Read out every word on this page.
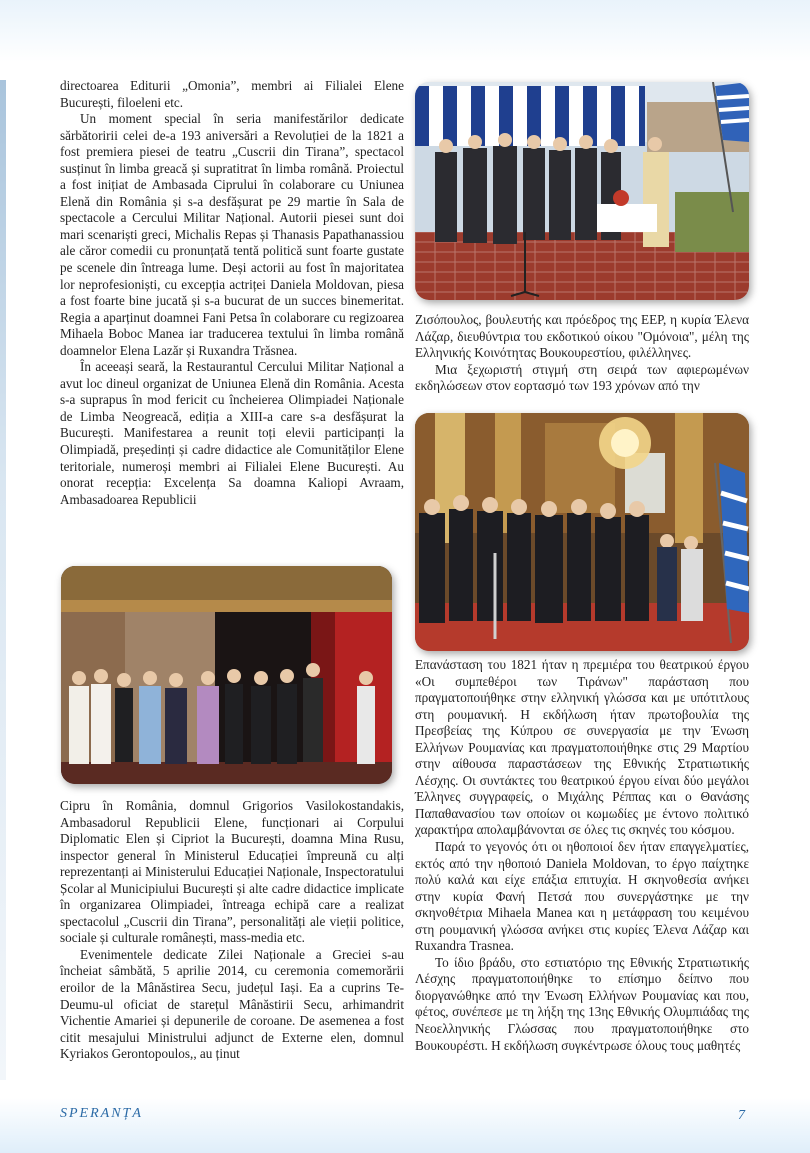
directoarea Editurii „Omonia”, membri ai Filialei Elene București, filoeleni etc.

Un moment special în seria manifestărilor dedicate sărbătoririi celei de-a 193 aniversări a Revoluției de la 1821 a fost premiera piesei de teatru „Cuscrii din Tirana”, spectacol susținut în limba greacă și supratitrat în limba română. Proiectul a fost inițiat de Ambasada Ciprului în colaborare cu Uniunea Elenă din România și s-a desfășurat pe 29 martie în Sala de spectacole a Cercului Militar Național. Autorii piesei sunt doi mari scenariști greci, Michalis Repas și Thanasis Papathanassiou ale căror comedii cu pronunțată tentă politică sunt foarte gustate pe scenele din întreaga lume. Deși actorii au fost în majoritatea lor neprofesioniști, cu excepția actriței Daniela Moldovan, piesa a fost foarte bine jucată și s-a bucurat de un succes binemeritat. Regia a aparținut doamnei Fani Petsa în colaborare cu regizoarea Mihaela Boboc Manea iar traducerea textului în limba română doamnelor Elena Lazăr și Ruxandra Trăsnea.

În aceeași seară, la Restaurantul Cercului Militar Național a avut loc dineul organizat de Uniunea Elenă din România. Acesta s-a suprapus în mod fericit cu încheierea Olimpiadei Naționale de Limba Neogreacă, ediția a XIII-a care s-a desfășurat la București. Manifestarea a reunit toți elevii participanți la Olimpiadă, președinți și cadre didactice ale Comunităților Elene teritoriale, numeroși membri ai Filialei Elene București. Au onorat recepția: Excelența Sa doamna Kaliopi Avraam, Ambasadoarea Republicii

Cipru în România, domnul Grigorios Vasilokostandakis, Ambasadorul Republicii Elene, funcționari ai Corpului Diplomatic Elen și Cipriot la București, doamna Mina Rusu, inspector general în Ministerul Educației împreună cu alți reprezentanți ai Ministerului Educației Naționale, Inspectoratului Școlar al Municipiului București și alte cadre didactice implicate în organizarea Olimpiadei, întreaga echipă care a realizat spectacolul „Cuscrii din Tirana”, personalități ale vieții politice, sociale și culturale românești, mass-media etc.

Evenimentele dedicate Zilei Naționale a Greciei s-au încheiat sâmbătă, 5 aprilie 2014, cu ceremonia comemorării eroilor de la Mânăstirea Secu, județul Iași. Ea a cuprins Te-Deumu-ul oficiat de starețul Mânăstirii Secu, arhimandrit Vichentie Amariei și depunerile de coroane. De asemenea a fost citit mesajului Ministrului adjunct de Externe elen, domnul Kyriakos Gerontopoulos,, au ținut

Ζισόπουλος, βουλευτής και πρόεδρος της ΕΕΡ, η κυρία Έλενα Λάζαρ, διευθύντρια του εκδοτικού οίκου "Ομόνοια", μέλη της Ελληνικής Κοινότητας Βουκουρεστίου, φιλέλληνες.

Μια ξεχωριστή στιγμή στη σειρά των αφιερωμένων εκδηλώσεων στον εορτασμό των 193 χρόνων από την

Επανάσταση του 1821 ήταν η πρεμιέρα του θεατρικού έργου «Οι συμπεθέροι των Τιράνων" παράσταση που πραγματοποιήθηκε στην ελληνική γλώσσα και με υπότιτλους στη ρουμανική. Η εκδήλωση ήταν πρωτοβουλία της Πρεσβείας της Κύπρου σε συνεργασία με την Ένωση Ελλήνων Ρουμανίας και πραγματοποιήθηκε στις 29 Μαρτίου στην αίθουσα παραστάσεων της Εθνικής Στρατιωτικής Λέσχης. Οι συντάκτες του θεατρικού έργου είναι δύο μεγάλοι Έλληνες συγγραφείς, ο Μιχάλης Ρέππας και ο Θανάσης Παπαθανασίου των οποίων οι κωμωδίες με έντονο πολιτικό χαρακτήρα απολαμβάνονται σε όλες τις σκηνές του κόσμου.

Παρά το γεγονός ότι οι ηθοποιοί δεν ήταν επαγγελματίες, εκτός από την ηθοποιό Daniela Moldovan, το έργο παίχτηκε πολύ καλά και είχε επάξια επιτυχία. Η σκηνοθεσία ανήκει στην κυρία Φανή Πετσά που συνεργάστηκε με την σκηνοθέτρια Mihaela Manea και η μετάφραση του κειμένου στη ρουμανική γλώσσα ανήκει στις κυρίες Έλενα Λάζαρ και Ruxandra Trasnea.

Το ίδιο βράδυ, στο εστιατόριο της Εθνικής Στρατιωτικής Λέσχης πραγματοποιήθηκε το επίσημο δείπνο που διοργανώθηκε από την Ένωση Ελλήνων Ρουμανίας και που, φέτος, συνέπεσε με τη λήξη της 13ης Εθνικής Ολυμπιάδας της Νεοελληνικής Γλώσσας που πραγματοποιήθηκε στο Βουκουρέστι. Η εκδήλωση συγκέντρωσε όλους τους μαθητές

SPERANȚA	7
